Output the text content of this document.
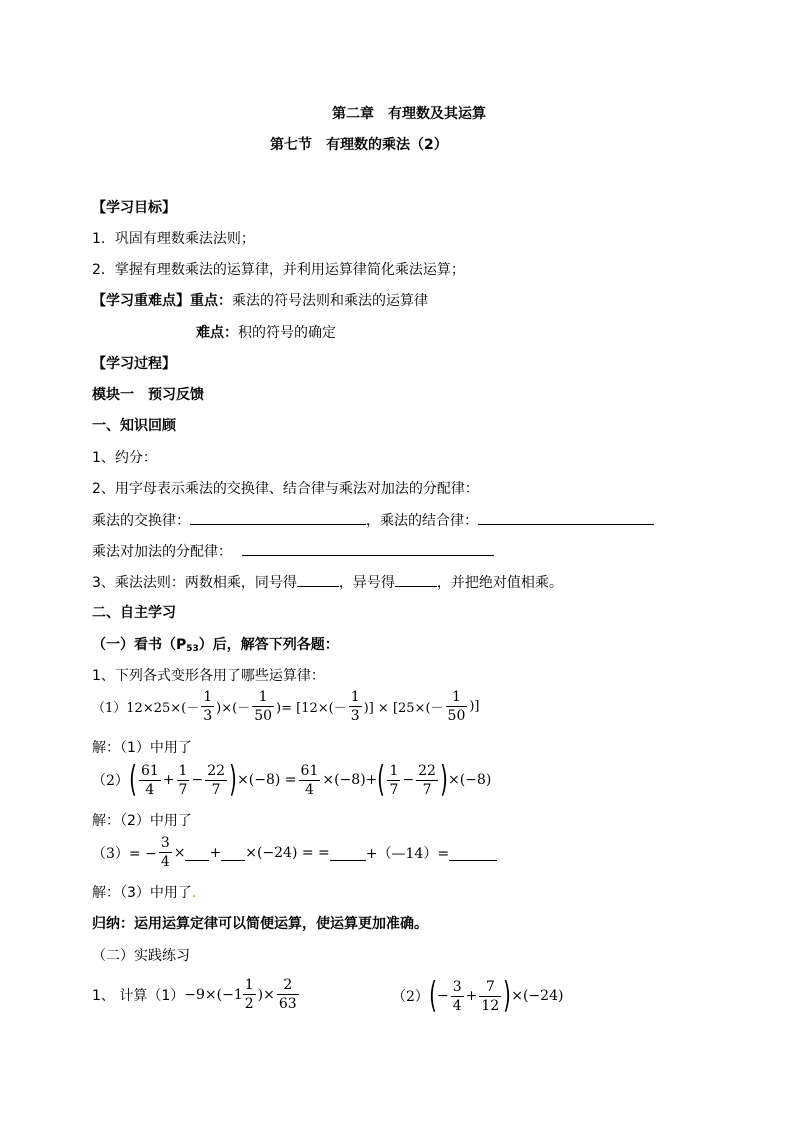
第二章　有理数及其运算
第七节　有理数的乘法（2）
【学习目标】
1．巩固有理数乘法法则；
2．掌握有理数乘法的运算律，并利用运算律简化乘法运算；
【学习重难点】重点：乘法的符号法则和乘法的运算律
难点：积的符号的确定
【学习过程】
模块一　预习反馈
一、知识回顾
1、约分：
2、用字母表示乘法的交换律、结合律与乘法对加法的分配律：
乘法的交换律：	，乘法的结合律：
乘法对加法的分配律：
3、乘法法则：两数相乘，同号得	，异号得	，并把绝对值相乘。
二、自主学习
（一）看书$(P_{53})$后，解答下列各题：
1、下列各式变形各用了哪些运算律：
$(1)12\times 25\times(- \frac{1}{3}$ )×(－ $\frac{1}{50}$ )= [$12\times(- \frac{1}{3}$ )] × [$25\times(- \frac{1}{50}$ )]
解：（1）中用了
$(2)( \frac{61}{4} + \frac{1}{7} - \frac{22}{7} )\times(-8) = \frac{61}{4} \times(-8)+( \frac{1}{7} - \frac{22}{7} )\times(-8)$
解：（2）中用了
$(3)= - \frac{3}{4}$ × + ×(−24) = =	+（—14）=
解：（3）中用了.
归纳：运用运算定律可以简便运算，使运算更加准确。
（二）实践练习
1、 计算$(1)-9\times(-1 \frac{1}{2}$ )× $\frac{2}{63}$	$(2)(- \frac{3}{4} + \frac{7}{12} )\times(-24)$
